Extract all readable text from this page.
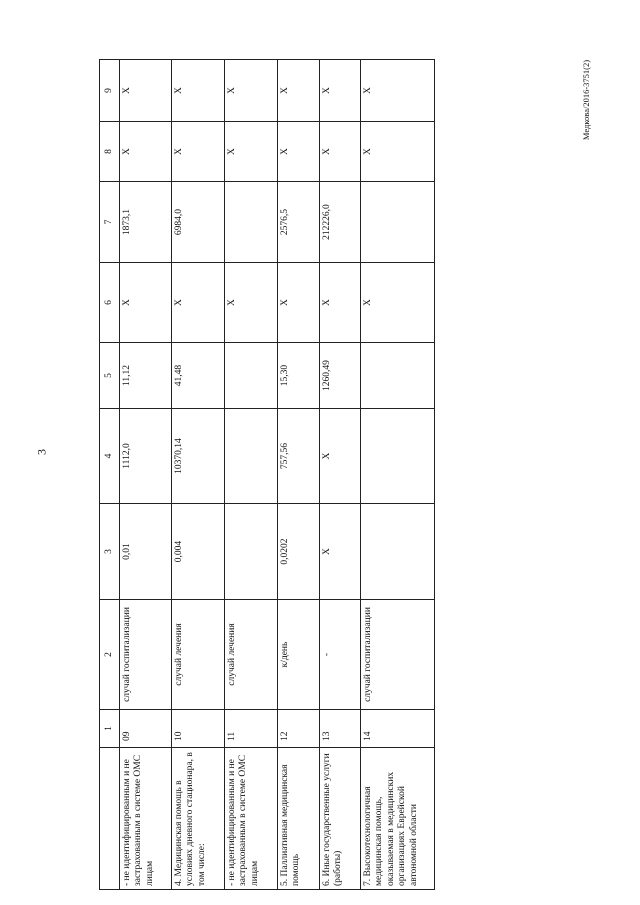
3
Медкова/2016-3751(2)
	1	2	3	4	5	6	7	8	9
- не идентифицированным и не застрахованным в системе ОМС лицам	09	случай госпитализации	0,01	1112,0	11,12	Х	1873,1	Х	Х
4. Медицинская помощь в условиях дневного стационара, в том числе:	10	случай лечения	0,004	10370,14	41,48	Х	6984,0	Х	Х
- не идентифицированным и не застрахованным в системе ОМС лицам	11	случай лечения				Х		Х	Х
5. Паллиативная медицинская помощь	12	к/день	0,0202	757,56	15,30	Х	2576,5	Х	Х
6. Иные государственные услуги (работы)	13	-	Х	Х	1260,49	Х	212226,0	Х	Х
7. Высокотехнологичная медицинская помощь, оказываемая в медицинских организациях Еврейской автономной области	14	случай госпитализации				Х		Х	Х
